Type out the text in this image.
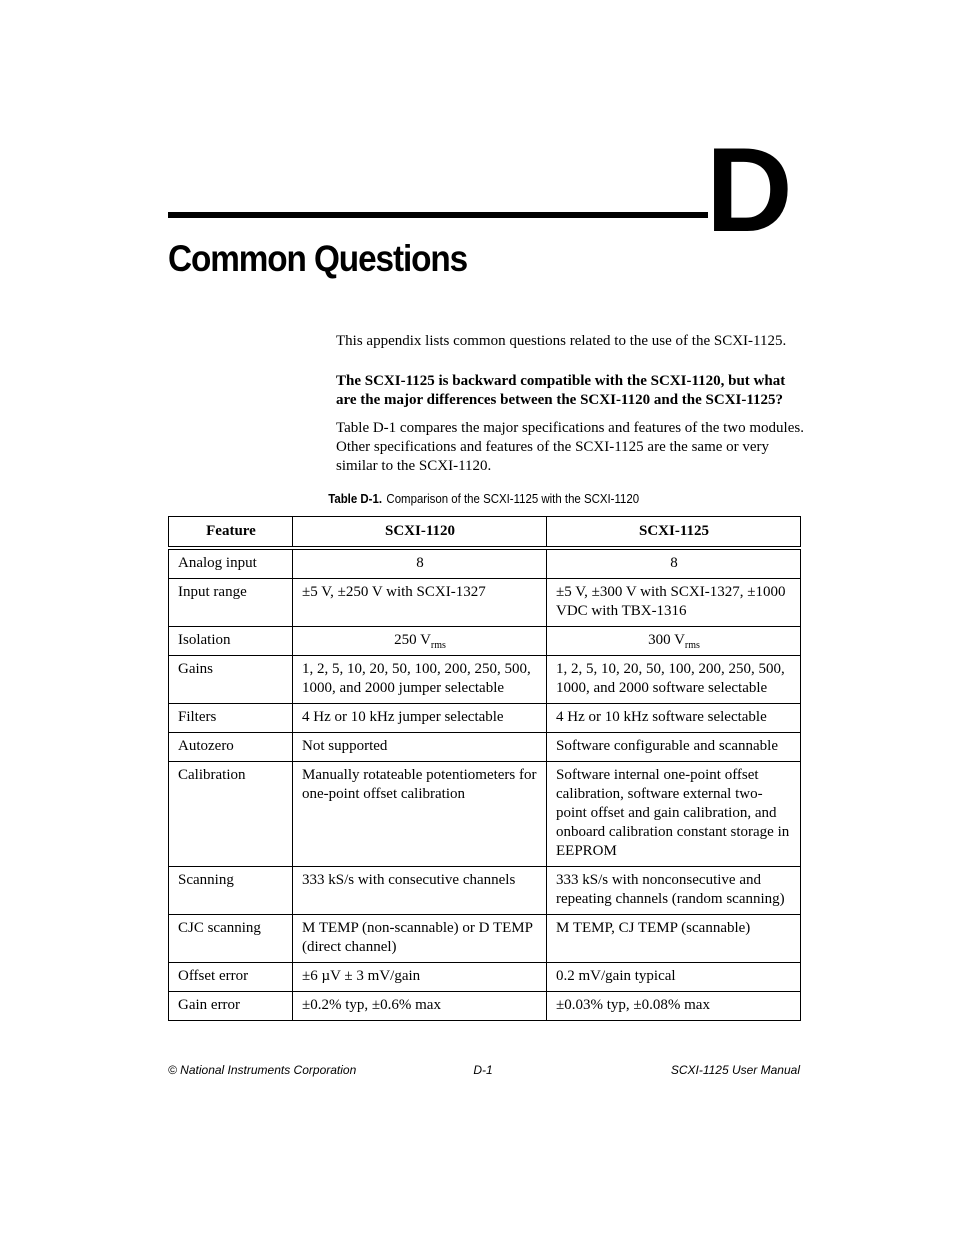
D
Common Questions

This appendix lists common questions related to the use of the SCXI-1125.

The SCXI-1125 is backward compatible with the SCXI-1120, but what are the major differences between the SCXI-1120 and the SCXI-1125?

Table D-1 compares the major specifications and features of the two modules. Other specifications and features of the SCXI-1125 are the same or very similar to the SCXI-1120.

Table D-1. Comparison of the SCXI-1125 with the SCXI-1120
Feature	SCXI-1120	SCXI-1125
Analog input	8	8
Input range	±5 V, ±250 V with SCXI-1327	±5 V, ±300 V with SCXI-1327, ±1000 VDC with TBX-1316
Isolation	250 $V_{rms}$	300 $V_{rms}$
Gains	1, 2, 5, 10, 20, 50, 100, 200, 250, 500, 1000, and 2000 jumper selectable	1, 2, 5, 10, 20, 50, 100, 200, 250, 500, 1000, and 2000 software selectable
Filters	4 Hz or 10 kHz jumper selectable	4 Hz or 10 kHz software selectable
Autozero	Not supported	Software configurable and scannable
Calibration	Manually rotateable potentiometers for one-point offset calibration	Software internal one-point offset calibration, software external two-point offset and gain calibration, and onboard calibration constant storage in EEPROM
Scanning	333 kS/s with consecutive channels	333 kS/s with nonconsecutive and repeating channels (random scanning)
CJC scanning	M TEMP (non-scannable) or D TEMP (direct channel)	M TEMP, CJ TEMP (scannable)
Offset error	±6 µV ± 3 mV/gain	0.2 mV/gain typical
Gain error	±0.2% typ, ±0.6% max	±0.03% typ, ±0.08% max
© National Instruments Corporation	D-1	SCXI-1125 User Manual
